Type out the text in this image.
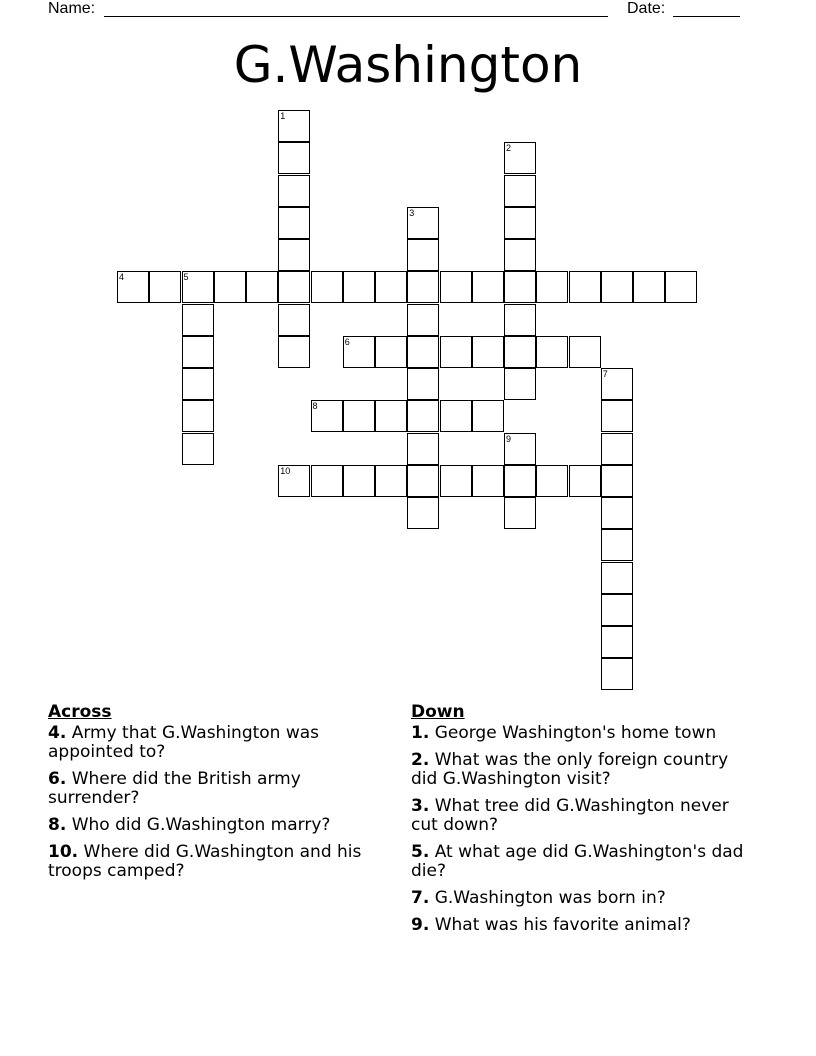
Name:	Date:
G.Washington
1
2
3
4	5
6
7
8
9
10
Across
4. Army that G.Washington was appointed to?
6. Where did the British army surrender?
8. Who did G.Washington marry?
10. Where did G.Washington and his troops camped?
Down
1. George Washington's home town
2. What was the only foreign country did G.Washington visit?
3. What tree did G.Washington never cut down?
5. At what age did G.Washington's dad die?
7. G.Washington was born in?
9. What was his favorite animal?
